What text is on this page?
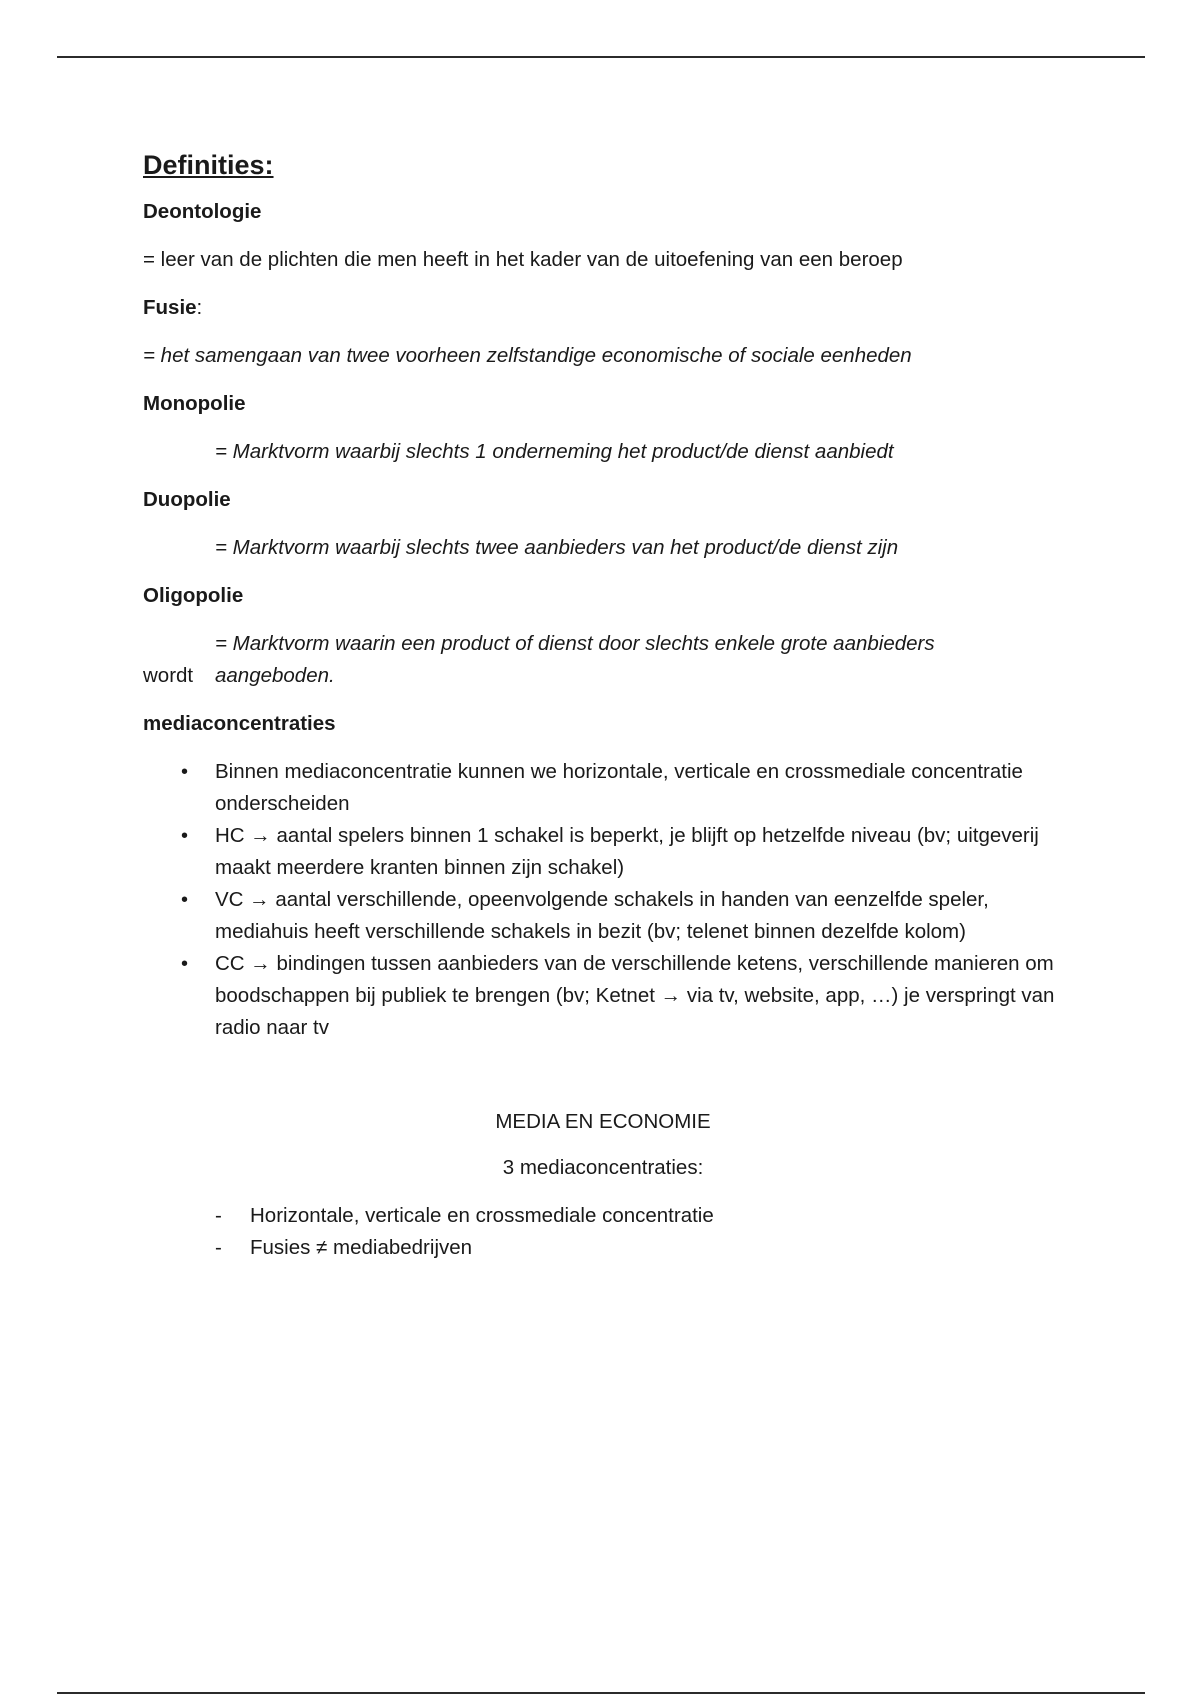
Definities:

Deontologie

= leer van de plichten die men heeft in het kader van de uitoefening van een beroep

Fusie:

= het samengaan van twee voorheen zelfstandige economische of sociale eenheden

Monopolie

= Marktvorm waarbij slechts 1 onderneming het product/de dienst aanbiedt

Duopolie

= Marktvorm waarbij slechts twee aanbieders van het product/de dienst zijn

Oligopolie

= Marktvorm waarin een product of dienst door slechts enkele grote aanbieders
wordt aangeboden.

mediaconcentraties

• Binnen mediaconcentratie kunnen we horizontale, verticale en crossmediale concentratie onderscheiden
• HC → aantal spelers binnen 1 schakel is beperkt, je blijft op hetzelfde niveau (bv; uitgeverij maakt meerdere kranten binnen zijn schakel)
• VC → aantal verschillende, opeenvolgende schakels in handen van eenzelfde speler, mediahuis heeft verschillende schakels in bezit (bv; telenet binnen dezelfde kolom)
• CC → bindingen tussen aanbieders van de verschillende ketens, verschillende manieren om boodschappen bij publiek te brengen (bv; Ketnet → via tv, website, app, …) je verspringt van radio naar tv

MEDIA EN ECONOMIE

3 mediaconcentraties:

- Horizontale, verticale en crossmediale concentratie
- Fusies ≠ mediabedrijven
